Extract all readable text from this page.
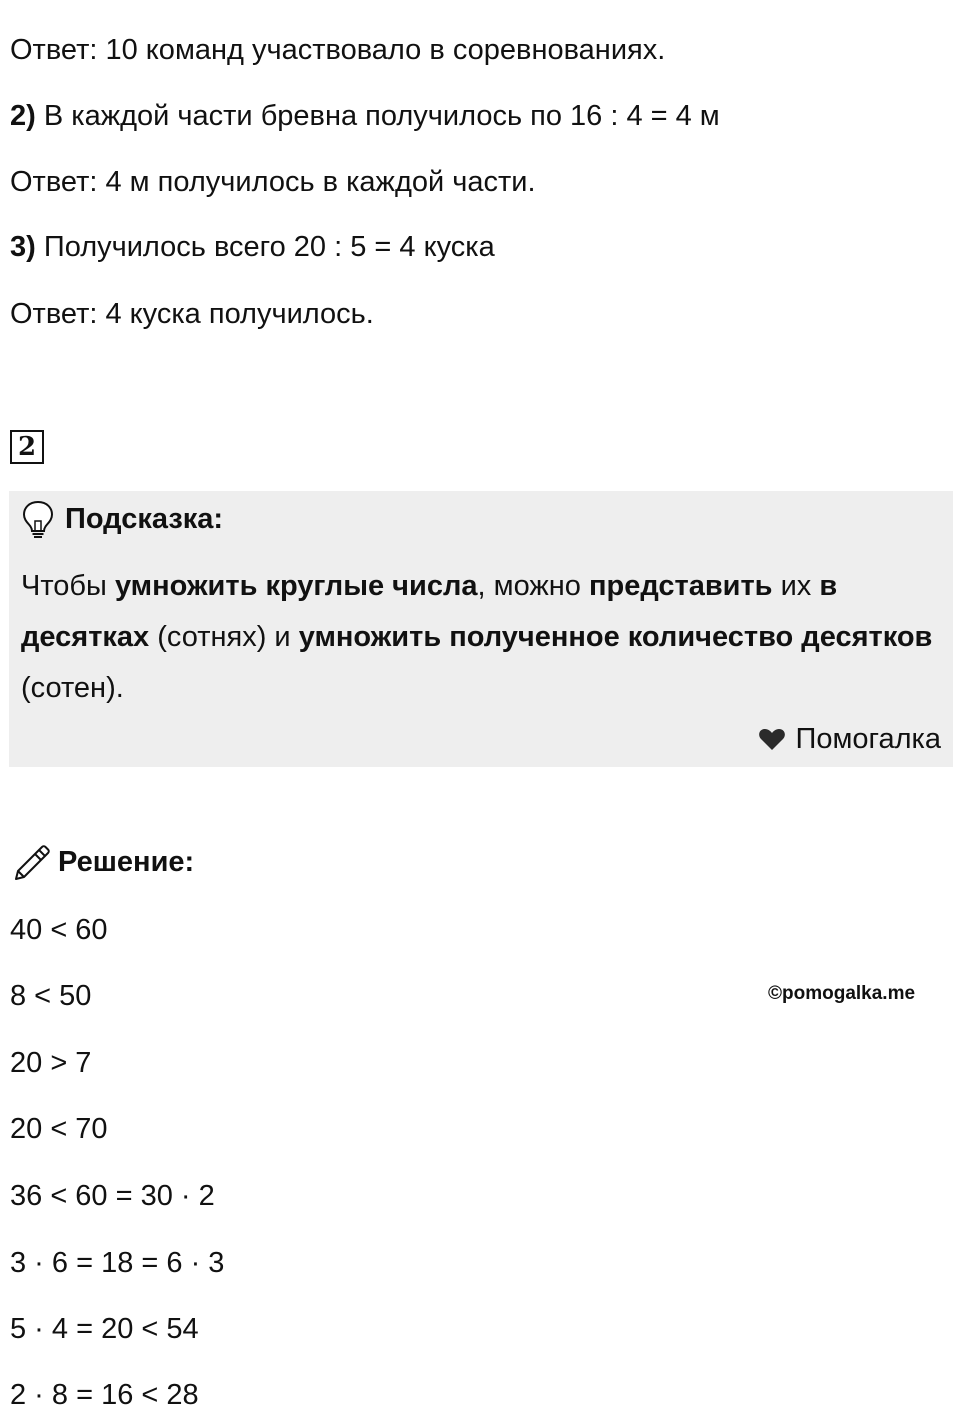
Ответ: 10 команд участвовало в соревнованиях.
2) В каждой части бревна получилось по 16 : 4 = 4 м
Ответ: 4 м получилось в каждой части.
3) Получилось всего 20 : 5 = 4 куска
Ответ: 4 куска получилось.
2
Подсказка:
Чтобы умножить круглые числа, можно представить их в десятках (сотнях) и умножить полученное количество десятков (сотен).
Помогалка
Решение:
40 < 60
8 < 50
20 > 7
20 < 70
36 < 60 = 30 · 2
3 · 6 = 18 = 6 · 3
5 · 4 = 20 < 54
2 · 8 = 16 < 28
©pomogalka.me
